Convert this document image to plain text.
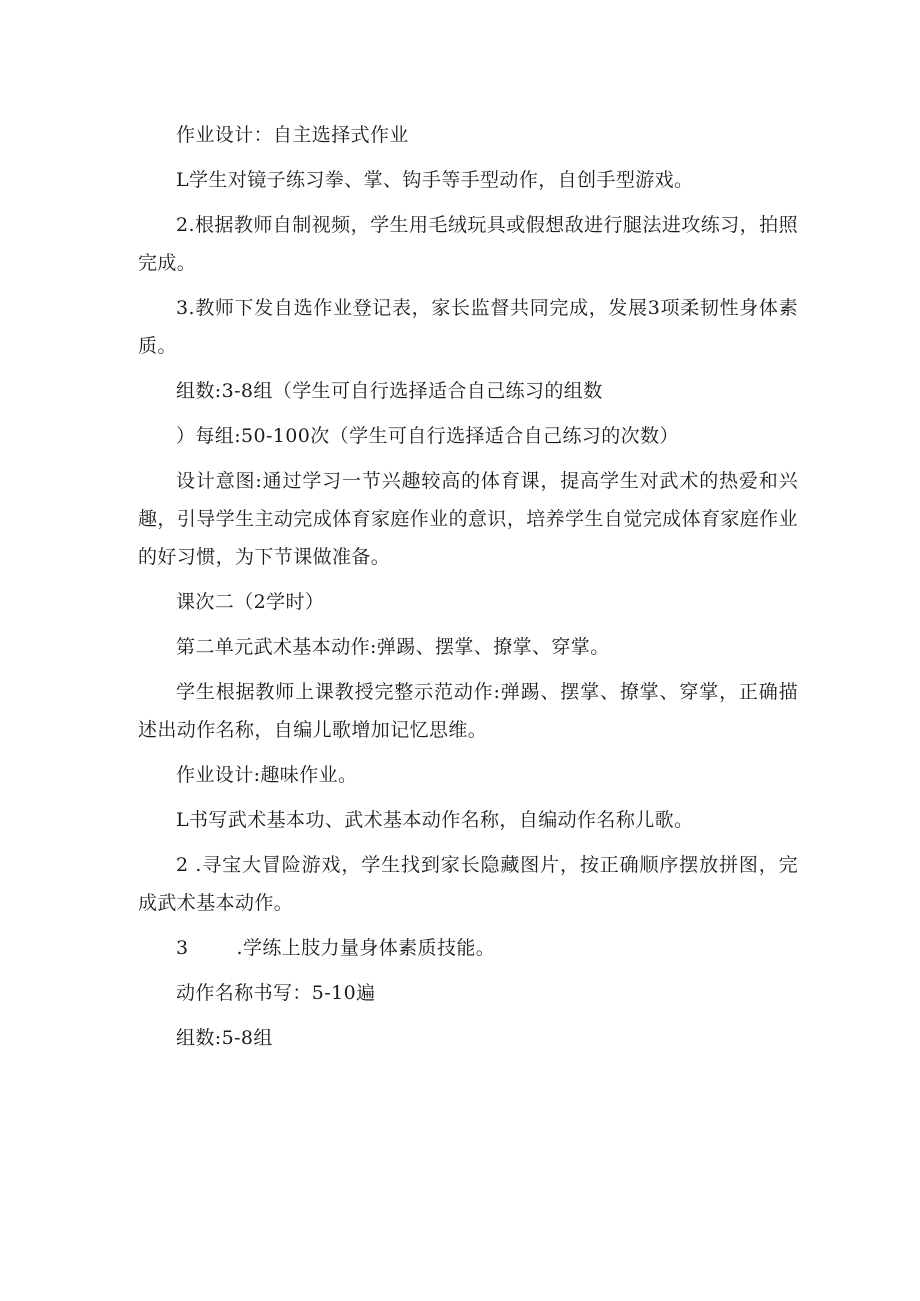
作业设计：自主选择式作业

L学生对镜子练习拳、掌、钩手等手型动作，自创手型游戏。

2.根据教师自制视频，学生用毛绒玩具或假想敌进行腿法进攻练习，拍照完成。

3.教师下发自选作业登记表，家长监督共同完成，发展3项柔韧性身体素质。

组数:3-8组（学生可自行选择适合自己练习的组数

）每组:50-100次（学生可自行选择适合自己练习的次数）

设计意图:通过学习一节兴趣较高的体育课，提高学生对武术的热爱和兴趣，引导学生主动完成体育家庭作业的意识，培养学生自觉完成体育家庭作业的好习惯，为下节课做准备。

课次二（2学时）

第二单元武术基本动作:弹踢、摆掌、撩掌、穿掌。

学生根据教师上课教授完整示范动作:弹踢、摆掌、撩掌、穿掌，正确描述出动作名称，自编儿歌增加记忆思维。

作业设计:趣味作业。

L书写武术基本功、武术基本动作名称，自编动作名称儿歌。

2 .寻宝大冒险游戏，学生找到家长隐藏图片，按正确顺序摆放拼图，完成武术基本动作。

3	.学练上肢力量身体素质技能。

动作名称书写：5-10遍

组数:5-8组
